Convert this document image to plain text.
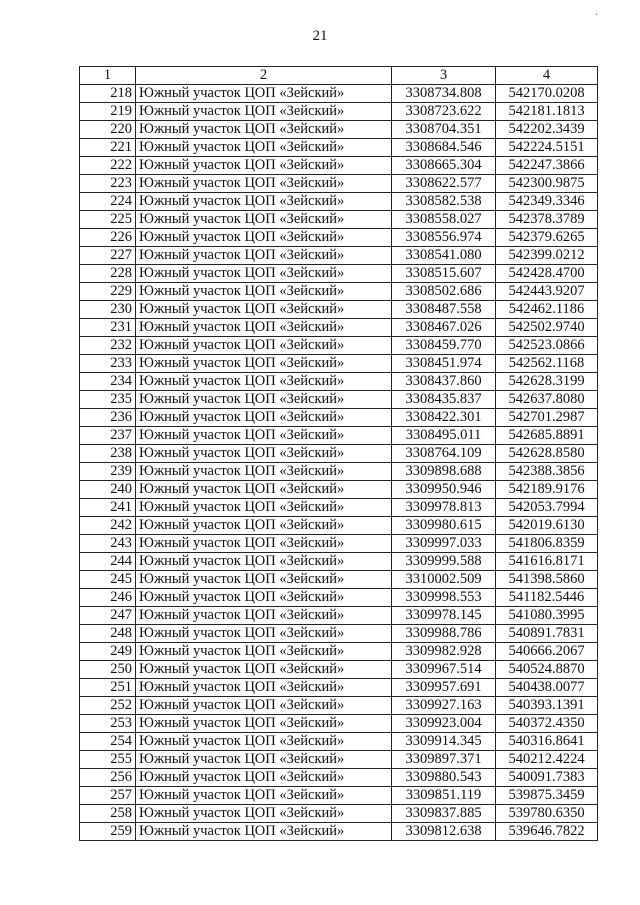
21
·
1	2	3	4
218	Южный участок ЦОП «Зейский»	3308734.808	542170.0208
219	Южный участок ЦОП «Зейский»	3308723.622	542181.1813
220	Южный участок ЦОП «Зейский»	3308704.351	542202.3439
221	Южный участок ЦОП «Зейский»	3308684.546	542224.5151
222	Южный участок ЦОП «Зейский»	3308665.304	542247.3866
223	Южный участок ЦОП «Зейский»	3308622.577	542300.9875
224	Южный участок ЦОП «Зейский»	3308582.538	542349.3346
225	Южный участок ЦОП «Зейский»	3308558.027	542378.3789
226	Южный участок ЦОП «Зейский»	3308556.974	542379.6265
227	Южный участок ЦОП «Зейский»	3308541.080	542399.0212
228	Южный участок ЦОП «Зейский»	3308515.607	542428.4700
229	Южный участок ЦОП «Зейский»	3308502.686	542443.9207
230	Южный участок ЦОП «Зейский»	3308487.558	542462.1186
231	Южный участок ЦОП «Зейский»	3308467.026	542502.9740
232	Южный участок ЦОП «Зейский»	3308459.770	542523.0866
233	Южный участок ЦОП «Зейский»	3308451.974	542562.1168
234	Южный участок ЦОП «Зейский»	3308437.860	542628.3199
235	Южный участок ЦОП «Зейский»	3308435.837	542637.8080
236	Южный участок ЦОП «Зейский»	3308422.301	542701.2987
237	Южный участок ЦОП «Зейский»	3308495.011	542685.8891
238	Южный участок ЦОП «Зейский»	3308764.109	542628.8580
239	Южный участок ЦОП «Зейский»	3309898.688	542388.3856
240	Южный участок ЦОП «Зейский»	3309950.946	542189.9176
241	Южный участок ЦОП «Зейский»	3309978.813	542053.7994
242	Южный участок ЦОП «Зейский»	3309980.615	542019.6130
243	Южный участок ЦОП «Зейский»	3309997.033	541806.8359
244	Южный участок ЦОП «Зейский»	3309999.588	541616.8171
245	Южный участок ЦОП «Зейский»	3310002.509	541398.5860
246	Южный участок ЦОП «Зейский»	3309998.553	541182.5446
247	Южный участок ЦОП «Зейский»	3309978.145	541080.3995
248	Южный участок ЦОП «Зейский»	3309988.786	540891.7831
249	Южный участок ЦОП «Зейский»	3309982.928	540666.2067
250	Южный участок ЦОП «Зейский»	3309967.514	540524.8870
251	Южный участок ЦОП «Зейский»	3309957.691	540438.0077
252	Южный участок ЦОП «Зейский»	3309927.163	540393.1391
253	Южный участок ЦОП «Зейский»	3309923.004	540372.4350
254	Южный участок ЦОП «Зейский»	3309914.345	540316.8641
255	Южный участок ЦОП «Зейский»	3309897.371	540212.4224
256	Южный участок ЦОП «Зейский»	3309880.543	540091.7383
257	Южный участок ЦОП «Зейский»	3309851.119	539875.3459
258	Южный участок ЦОП «Зейский»	3309837.885	539780.6350
259	Южный участок ЦОП «Зейский»	3309812.638	539646.7822
